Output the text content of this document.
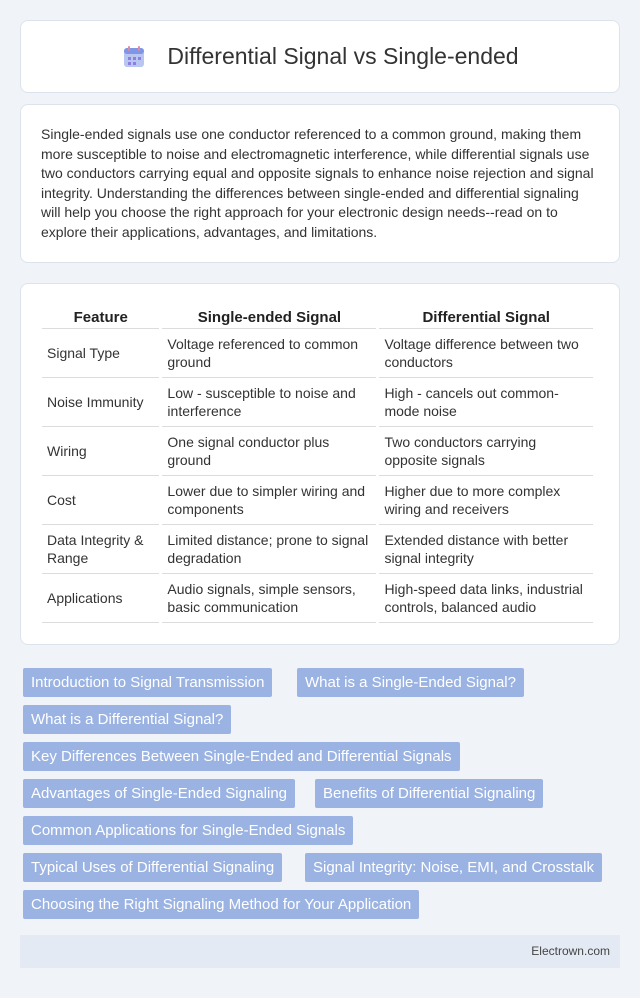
Differential Signal vs Single-ended

Single-ended signals use one conductor referenced to a common ground, making them more susceptible to noise and electromagnetic interference, while differential signals use two conductors carrying equal and opposite signals to enhance noise rejection and signal integrity. Understanding the differences between single-ended and differential signaling will help you choose the right approach for your electronic design needs--read on to explore their applications, advantages, and limitations.

Feature	Single-ended Signal	Differential Signal
Signal Type	Voltage referenced to common ground	Voltage difference between two conductors
Noise Immunity	Low - susceptible to noise and interference	High - cancels out common-mode noise
Wiring	One signal conductor plus ground	Two conductors carrying opposite signals
Cost	Lower due to simpler wiring and components	Higher due to more complex wiring and receivers
Data Integrity & Range	Limited distance; prone to signal degradation	Extended distance with better signal integrity
Applications	Audio signals, simple sensors, basic communication	High-speed data links, industrial controls, balanced audio
Introduction to Signal Transmission	What is a Single-Ended Signal?
What is a Differential Signal?
Key Differences Between Single-Ended and Differential Signals
Advantages of Single-Ended Signaling	Benefits of Differential Signaling
Common Applications for Single-Ended Signals
Typical Uses of Differential Signaling	Signal Integrity: Noise, EMI, and Crosstalk
Choosing the Right Signaling Method for Your Application
Electrown.com
